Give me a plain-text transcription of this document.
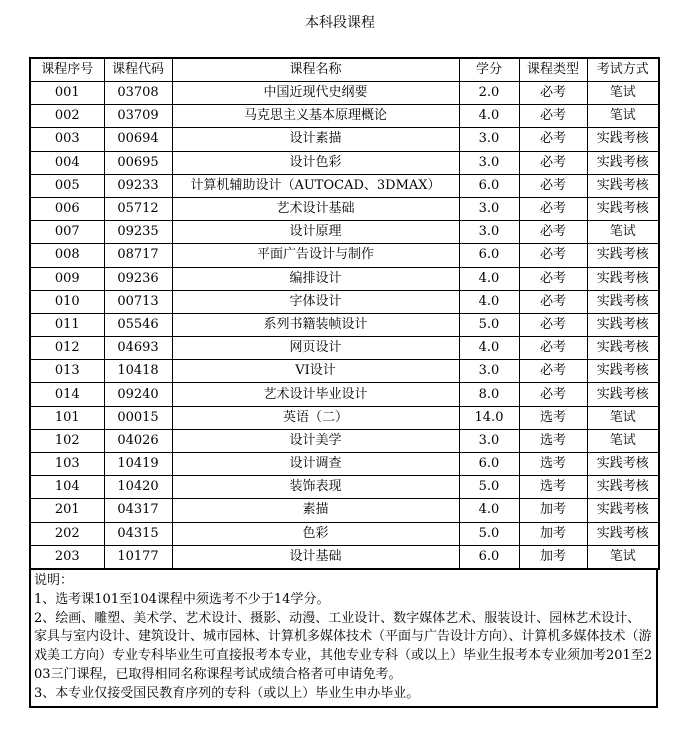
本科段课程
课程序号	课程代码	课程名称	学分	课程类型	考试方式
001	03708	中国近现代史纲要	2.0	必考	笔试
002	03709	马克思主义基本原理概论	4.0	必考	笔试
003	00694	设计素描	3.0	必考	实践考核
004	00695	设计色彩	3.0	必考	实践考核
005	09233	计算机辅助设计（AUTOCAD、3DMAX）	6.0	必考	实践考核
006	05712	艺术设计基础	3.0	必考	实践考核
007	09235	设计原理	3.0	必考	笔试
008	08717	平面广告设计与制作	6.0	必考	实践考核
009	09236	编排设计	4.0	必考	实践考核
010	00713	字体设计	4.0	必考	实践考核
011	05546	系列书籍装帧设计	5.0	必考	实践考核
012	04693	网页设计	4.0	必考	实践考核
013	10418	VI设计	3.0	必考	实践考核
014	09240	艺术设计毕业设计	8.0	必考	实践考核
101	00015	英语（二）	14.0	选考	笔试
102	04026	设计美学	3.0	选考	笔试
103	10419	设计调查	6.0	选考	实践考核
104	10420	装饰表现	5.0	选考	实践考核
201	04317	素描	4.0	加考	实践考核
202	04315	色彩	5.0	加考	实践考核
203	10177	设计基础	6.0	加考	笔试
说明：
1、选考课101至104课程中须选考不少于14学分。
2、绘画、雕塑、美术学、艺术设计、摄影、动漫、工业设计、数字媒体艺术、服装设计、园林艺术设计、家具与室内设计、建筑设计、城市园林、计算机多媒体技术（平面与广告设计方向）、计算机多媒体技术（游戏美工方向）专业专科毕业生可直接报考本专业，其他专业专科（或以上）毕业生报考本专业须加考201至203三门课程，已取得相同名称课程考试成绩合格者可申请免考。
3、本专业仅接受国民教育序列的专科（或以上）毕业生申办毕业。
